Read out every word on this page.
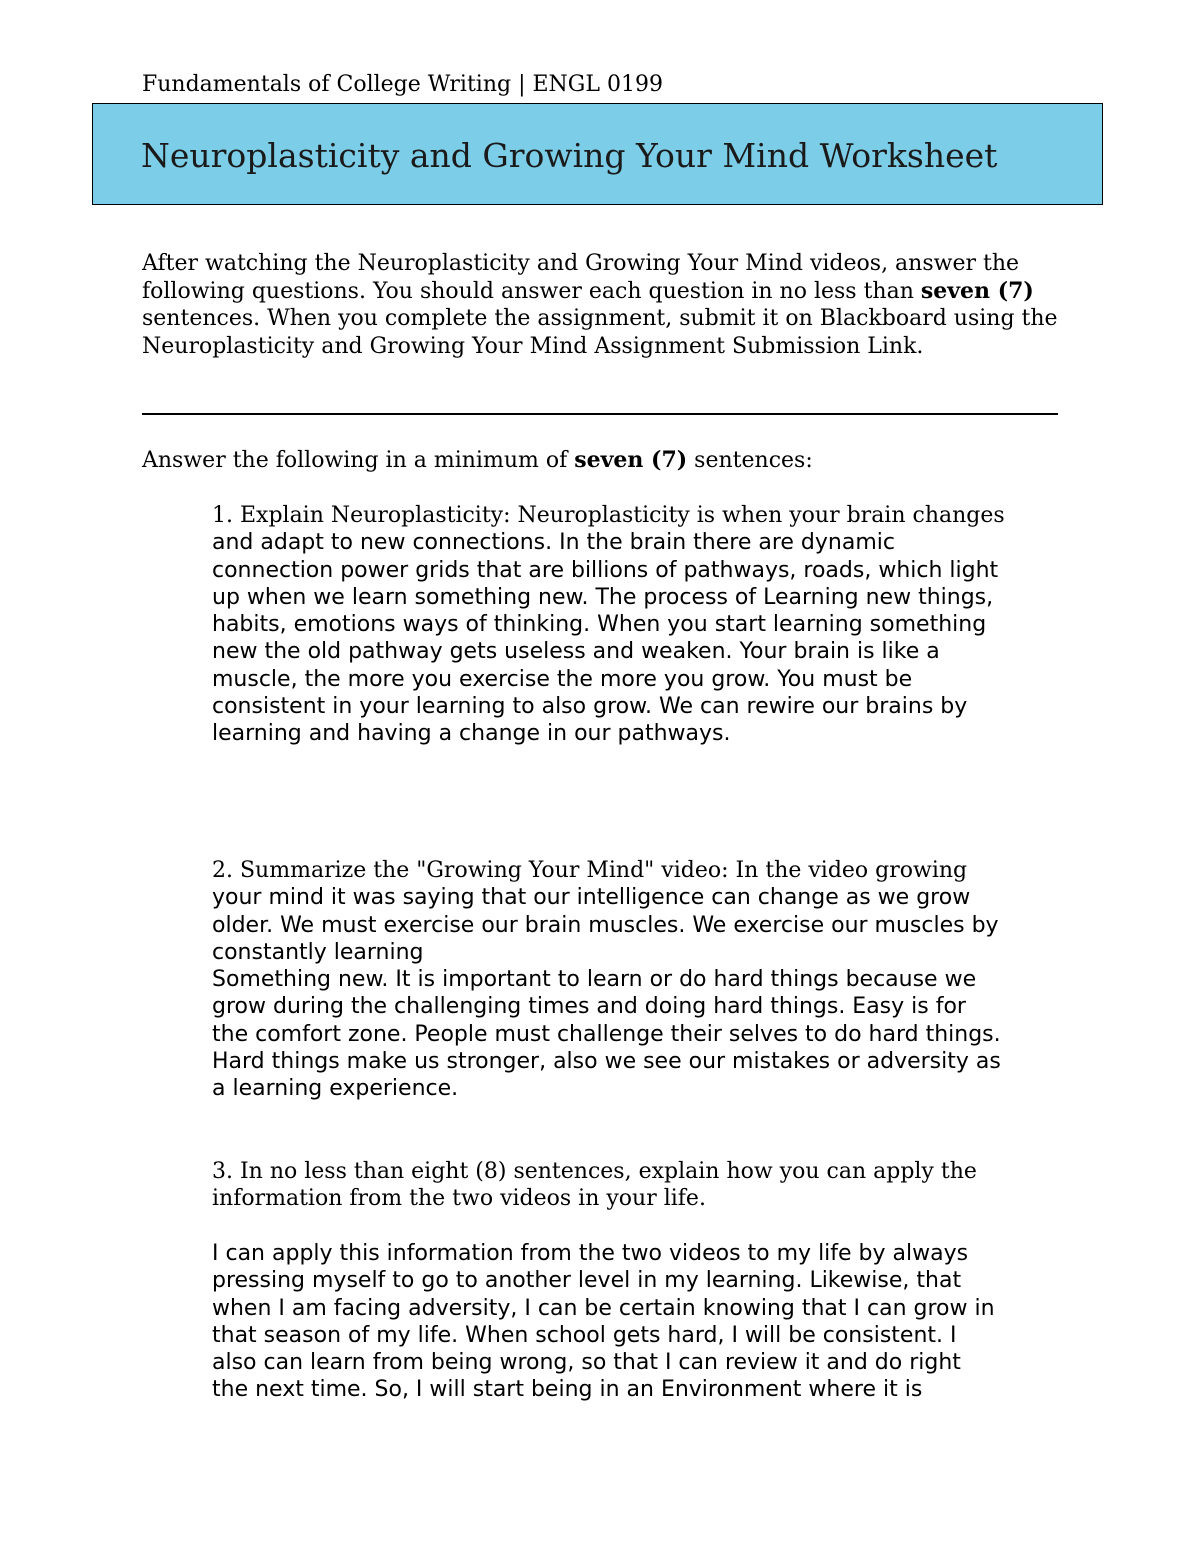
Fundamentals of College Writing | ENGL 0199
Neuroplasticity and Growing Your Mind Worksheet

After watching the Neuroplasticity and Growing Your Mind videos, answer the following questions. You should answer each question in no less than seven (7) sentences. When you complete the assignment, submit it on Blackboard using the Neuroplasticity and Growing Your Mind Assignment Submission Link.

Answer the following in a minimum of seven (7) sentences:
1. Explain Neuroplasticity: Neuroplasticity is when your brain changes
and adapt to new connections. In the brain there are dynamic
connection power grids that are billions of pathways, roads, which light
up when we learn something new. The process of Learning new things,
habits, emotions ways of thinking. When you start learning something
new the old pathway gets useless and weaken. Your brain is like a
muscle, the more you exercise the more you grow. You must be
consistent in your learning to also grow. We can rewire our brains by
learning and having a change in our pathways.
2. Summarize the "Growing Your Mind" video: In the video growing
your mind it was saying that our intelligence can change as we grow
older. We must exercise our brain muscles. We exercise our muscles by
constantly learning
Something new. It is important to learn or do hard things because we
grow during the challenging times and doing hard things. Easy is for
the comfort zone. People must challenge their selves to do hard things.
Hard things make us stronger, also we see our mistakes or adversity as
a learning experience.
3. In no less than eight (8) sentences, explain how you can apply the
information from the two videos in your life.
I can apply this information from the two videos to my life by always
pressing myself to go to another level in my learning. Likewise, that
when I am facing adversity, I can be certain knowing that I can grow in
that season of my life. When school gets hard, I will be consistent. I
also can learn from being wrong, so that I can review it and do right
the next time. So, I will start being in an Environment where it is
